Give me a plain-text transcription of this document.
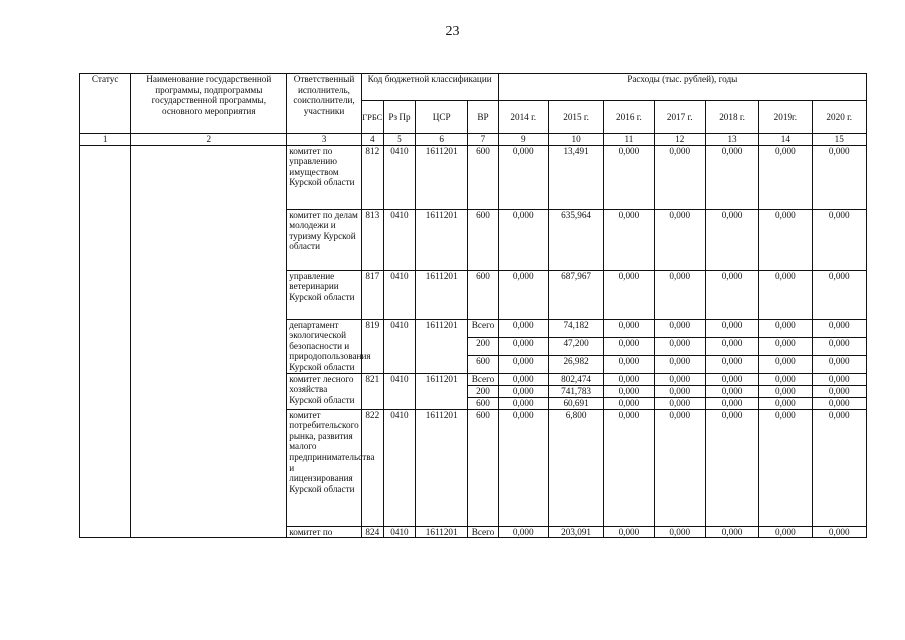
23
Статус	Наименование государственной программы, подпрограммы государственной программы, основного мероприятия	Ответственный исполнитель, соисполнители, участники	Код бюджетной классификации				Расходы (тыс. рублей), годы						
			ГРБС	Рз Пр	ЦСР	ВР	2014 г.	2015 г.	2016 г.	2017 г.	2018 г.	2019г.	2020 г.
1	2	3	4	5	6	7	9	10	11	12	13	14	15
		комитет по управлению имуществом Курской области	812	0410	1611201	600	0,000	13,491	0,000	0,000	0,000	0,000	0,000
		комитет по делам молодежи и туризму Курской области	813	0410	1611201	600	0,000	635,964	0,000	0,000	0,000	0,000	0,000
		управление ветеринарии Курской области	817	0410	1611201	600	0,000	687,967	0,000	0,000	0,000	0,000	0,000
		департамент экологической безопасности и природопользования Курской области	819	0410	1611201	Всего	0,000	74,182	0,000	0,000	0,000	0,000	0,000
						200	0,000	47,200	0,000	0,000	0,000	0,000	0,000
						600	0,000	26,982	0,000	0,000	0,000	0,000	0,000
		комитет лесного хозяйства Курской области	821	0410	1611201	Всего	0,000	802,474	0,000	0,000	0,000	0,000	0,000
						200	0,000	741,783	0,000	0,000	0,000	0,000	0,000
						600	0,000	60,691	0,000	0,000	0,000	0,000	0,000
		комитет потребительского рынка, развития малого предпринимательства и лицензирования Курской области	822	0410	1611201	600	0,000	6,800	0,000	0,000	0,000	0,000	0,000
		комитет по	824	0410	1611201	Всего	0,000	203,091	0,000	0,000	0,000	0,000	0,000
